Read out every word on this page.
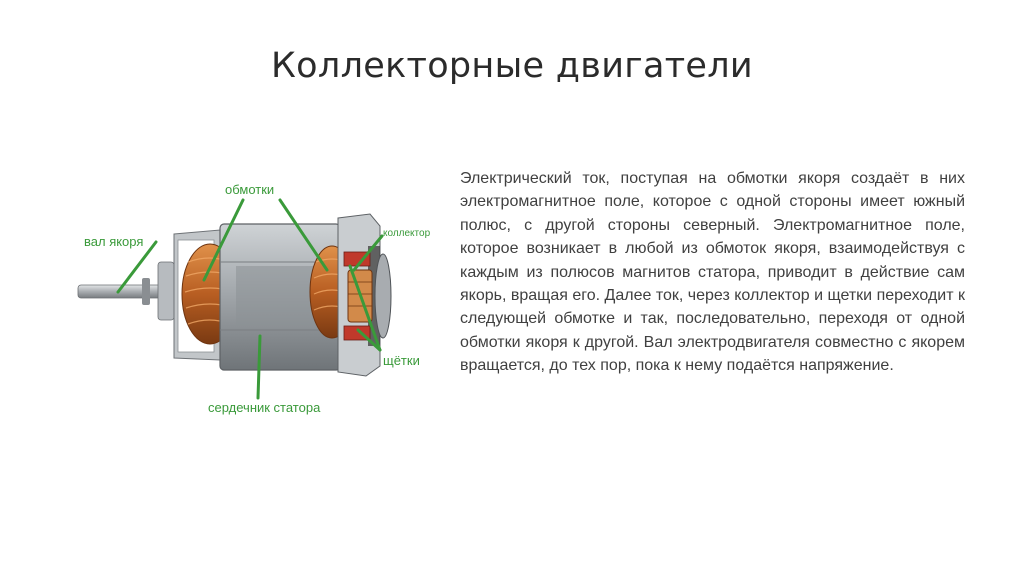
Коллекторные двигатели
обмотки
вал якоря
коллектор
щётки
сердечник статора
Электрический ток, поступая на обмотки якоря создаёт в них электромагнитное поле, которое с одной стороны имеет южный полюс, с другой стороны северный. Электромагнитное поле, которое возникает в любой из обмоток якоря, взаимодействуя с каждым из полюсов магнитов статора, приводит в действие сам якорь, вращая его. Далее ток, через коллектор и щетки переходит к следующей обмотке и так, последовательно, переходя от одной обмотки якоря к другой. Вал электродвигателя совместно с якорем вращается, до тех пор, пока к нему подаётся напряжение.
